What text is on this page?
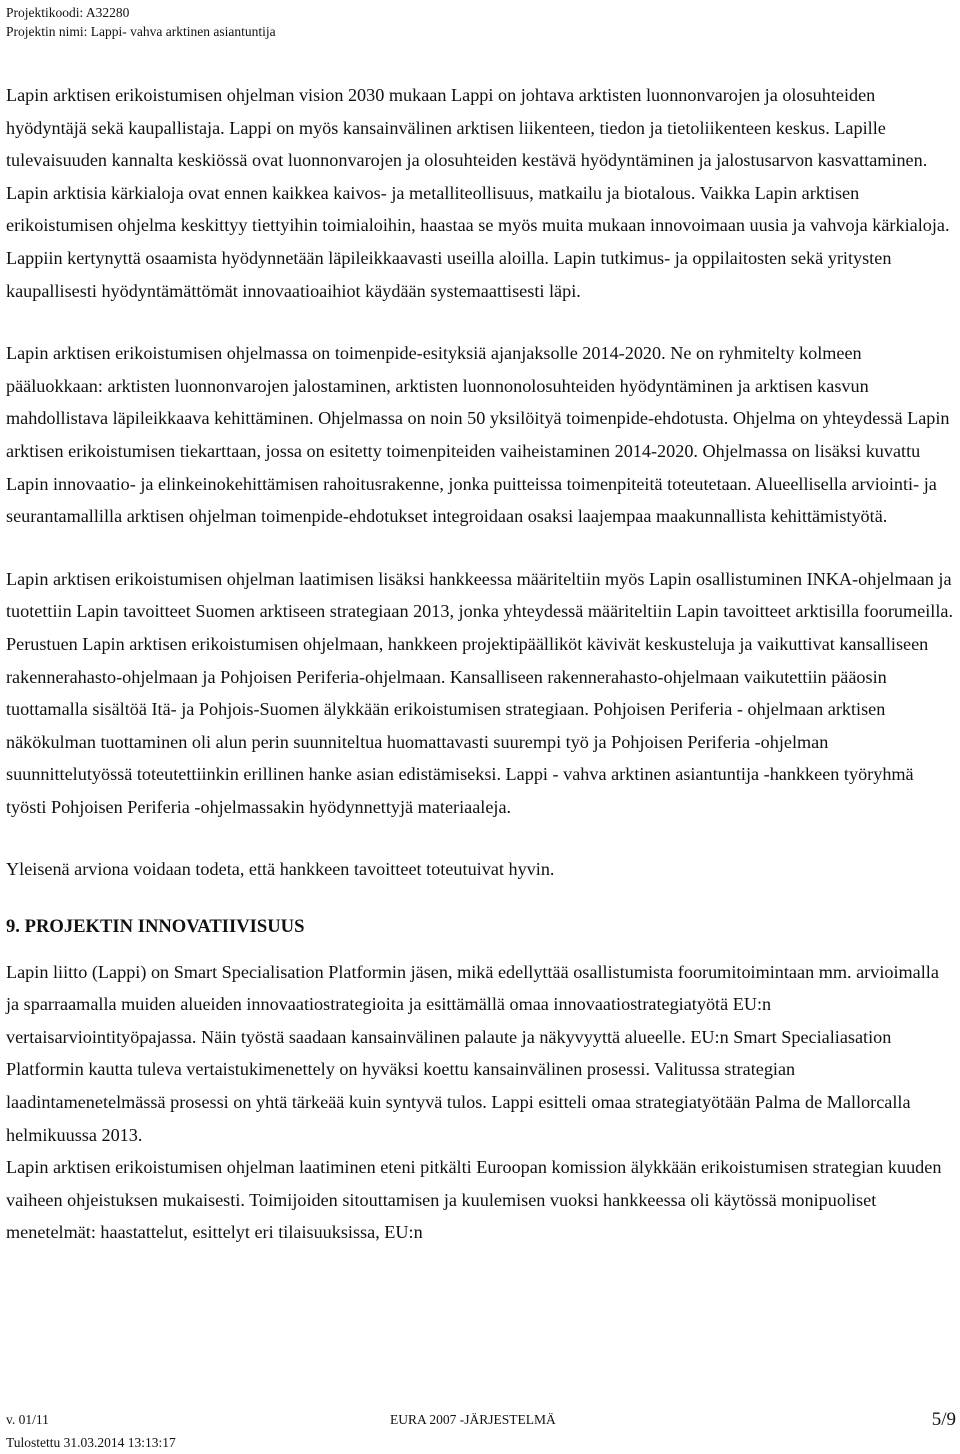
Projektikoodi: A32280
Projektin nimi: Lappi- vahva arktinen asiantuntija

Lapin arktisen erikoistumisen ohjelman vision 2030 mukaan Lappi on johtava arktisten luonnonvarojen ja olosuhteiden hyödyntäjä sekä kaupallistaja. Lappi on myös kansainvälinen arktisen liikenteen, tiedon ja tietoliikenteen keskus. Lapille tulevaisuuden kannalta keskiössä ovat luonnonvarojen ja olosuhteiden kestävä hyödyntäminen ja jalostusarvon kasvattaminen. Lapin arktisia kärkialoja ovat ennen kaikkea kaivos- ja metalliteollisuus, matkailu ja biotalous. Vaikka Lapin arktisen erikoistumisen ohjelma keskittyy tiettyihin toimialoihin, haastaa se myös muita mukaan innovoimaan uusia ja vahvoja kärkialoja. Lappiin kertynyttä osaamista hyödynnetään läpileikkaavasti useilla aloilla. Lapin tutkimus- ja oppilaitosten sekä yritysten kaupallisesti hyödyntämättömät innovaatioaihiot käydään systemaattisesti läpi.

Lapin arktisen erikoistumisen ohjelmassa on toimenpide-esityksiä ajanjaksolle 2014-2020. Ne on ryhmitelty kolmeen pääluokkaan: arktisten luonnonvarojen jalostaminen, arktisten luonnonolosuhteiden hyödyntäminen ja arktisen kasvun mahdollistava läpileikkaava kehittäminen. Ohjelmassa on noin 50 yksilöityä toimenpide-ehdotusta. Ohjelma on yhteydessä Lapin arktisen erikoistumisen tiekarttaan, jossa on esitetty toimenpiteiden vaiheistaminen 2014-2020. Ohjelmassa on lisäksi kuvattu Lapin innovaatio- ja elinkeinokehittämisen rahoitusrakenne, jonka puitteissa toimenpiteitä toteutetaan. Alueellisella arviointi- ja seurantamallilla arktisen ohjelman toimenpide-ehdotukset integroidaan osaksi laajempaa maakunnallista kehittämistyötä.

Lapin arktisen erikoistumisen ohjelman laatimisen lisäksi hankkeessa määriteltiin myös Lapin osallistuminen INKA-ohjelmaan ja tuotettiin Lapin tavoitteet Suomen arktiseen strategiaan 2013, jonka yhteydessä määriteltiin Lapin tavoitteet arktisilla foorumeilla. Perustuen Lapin arktisen erikoistumisen ohjelmaan, hankkeen projektipäälliköt kävivät keskusteluja ja vaikuttivat kansalliseen rakennerahasto-ohjelmaan ja Pohjoisen Periferia-ohjelmaan. Kansalliseen rakennerahasto-ohjelmaan vaikutettiin pääosin tuottamalla sisältöä Itä- ja Pohjois-Suomen älykkään erikoistumisen strategiaan. Pohjoisen Periferia - ohjelmaan arktisen näkökulman tuottaminen oli alun perin suunniteltua huomattavasti suurempi työ ja Pohjoisen Periferia -ohjelman suunnittelutyössä toteutettiinkin erillinen hanke asian edistämiseksi. Lappi - vahva arktinen asiantuntija -hankkeen työryhmä työsti Pohjoisen Periferia -ohjelmassakin hyödynnettyjä materiaaleja.

Yleisenä arviona voidaan todeta, että hankkeen tavoitteet toteutuivat hyvin.

9. PROJEKTIN INNOVATIIVISUUS

Lapin liitto (Lappi) on Smart Specialisation Platformin jäsen, mikä edellyttää osallistumista foorumitoimintaan mm. arvioimalla ja sparraamalla muiden alueiden innovaatiostrategioita ja esittämällä omaa innovaatiostrategiatyötä EU:n vertaisarviointityöpajassa. Näin työstä saadaan kansainvälinen palaute ja näkyvyyttä alueelle. EU:n Smart Specialiasation Platformin kautta tuleva vertaistukimenettely on hyväksi koettu kansainvälinen prosessi. Valitussa strategian laadintamenetelmässä prosessi on yhtä tärkeää kuin syntyvä tulos. Lappi esitteli omaa strategiatyötään Palma de Mallorcalla helmikuussa 2013.

Lapin arktisen erikoistumisen ohjelman laatiminen eteni pitkälti Euroopan komission älykkään erikoistumisen strategian kuuden vaiheen ohjeistuksen mukaisesti. Toimijoiden sitouttamisen ja kuulemisen vuoksi hankkeessa oli käytössä monipuoliset menetelmät: haastattelut, esittelyt eri tilaisuuksissa, EU:n

v. 01/11	EURA 2007 -JÄRJESTELMÄ	5/9
Tulostettu 31.03.2014 13:13:17
